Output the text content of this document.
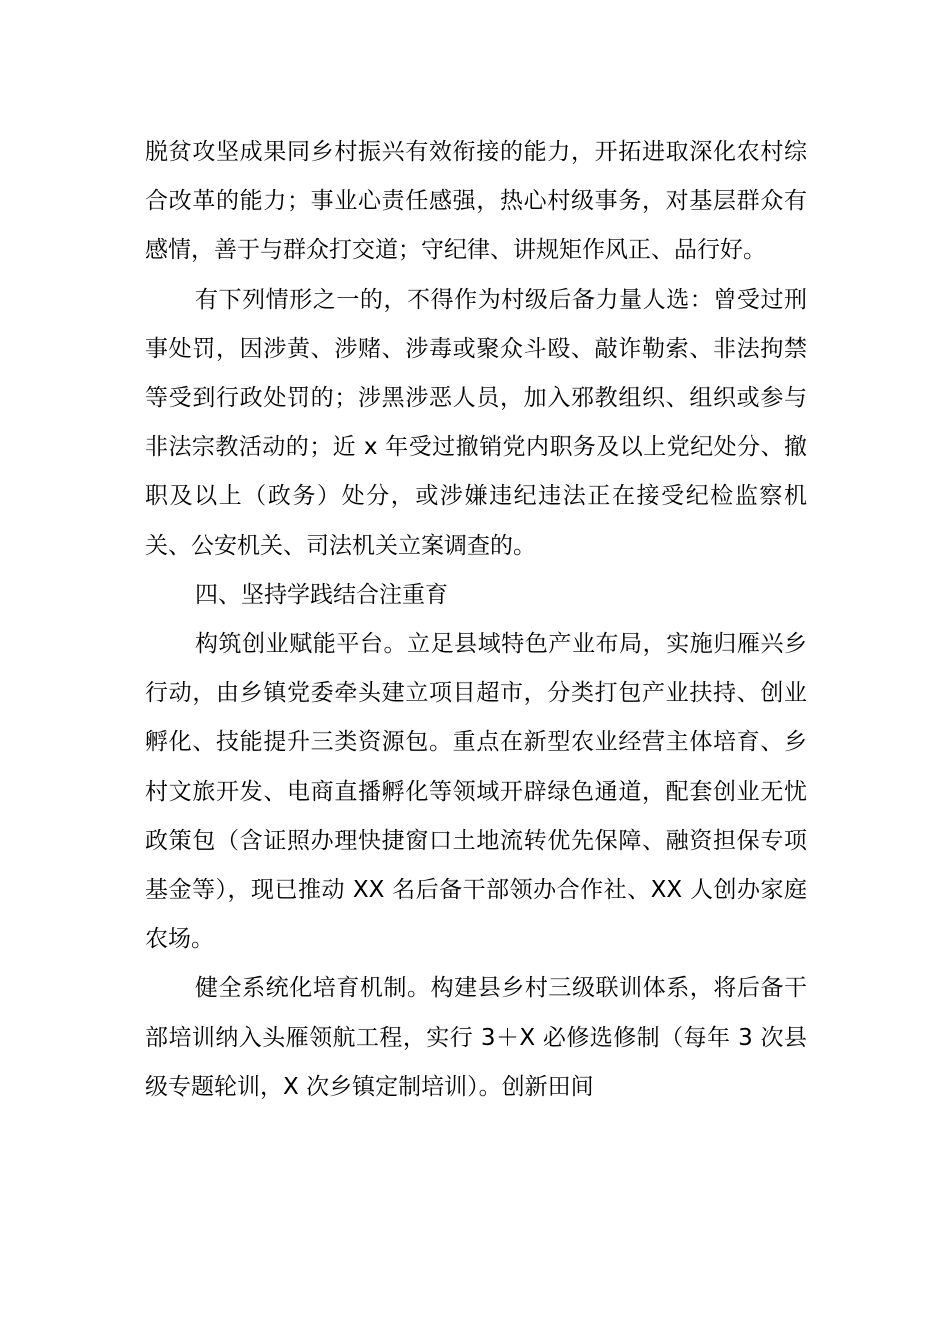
脱贫攻坚成果同乡村振兴有效衔接的能力，开拓进取深化农村综合改革的能力；事业心责任感强，热心村级事务，对基层群众有感情，善于与群众打交道；守纪律、讲规矩作风正、品行好。

有下列情形之一的，不得作为村级后备力量人选：曾受过刑事处罚，因涉黄、涉赌、涉毒或聚众斗殴、敲诈勒索、非法拘禁等受到行政处罚的；涉黑涉恶人员，加入邪教组织、组织或参与非法宗教活动的；近 x 年受过撤销党内职务及以上党纪处分、撤职及以上（政务）处分，或涉嫌违纪违法正在接受纪检监察机关、公安机关、司法机关立案调查的。

四、坚持学践结合注重育

构筑创业赋能平台。立足县域特色产业布局，实施归雁兴乡行动，由乡镇党委牵头建立项目超市，分类打包产业扶持、创业孵化、技能提升三类资源包。重点在新型农业经营主体培育、乡村文旅开发、电商直播孵化等领域开辟绿色通道，配套创业无忧政策包（含证照办理快捷窗口土地流转优先保障、融资担保专项基金等），现已推动 XX 名后备干部领办合作社、XX 人创办家庭农场。

健全系统化培育机制。构建县乡村三级联训体系，将后备干部培训纳入头雁领航工程，实行 3＋X 必修选修制（每年 3 次县级专题轮训，X 次乡镇定制培训）。创新田间
